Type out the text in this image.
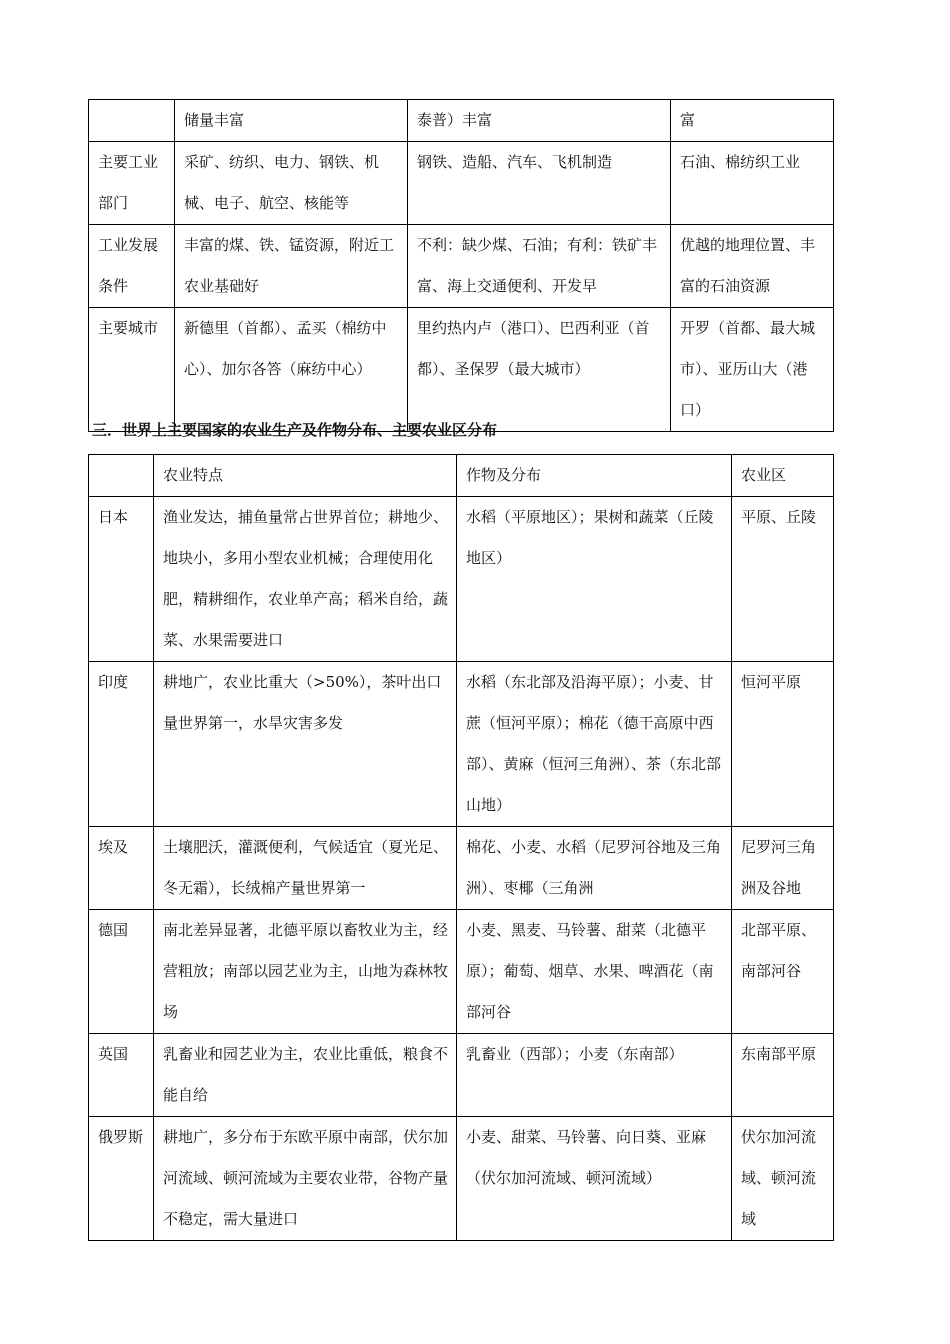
	储量丰富	泰普）丰富	富
主要工业部门	采矿、纺织、电力、钢铁、机械、电子、航空、核能等	钢铁、造船、汽车、飞机制造	石油、棉纺织工业
工业发展条件	丰富的煤、铁、锰资源，附近工农业基础好	不利：缺少煤、石油；有利：铁矿丰富、海上交通便利、开发早	优越的地理位置、丰富的石油资源
主要城市	新德里（首都）、孟买（棉纺中心）、加尔各答（麻纺中心）	里约热内卢（港口）、巴西利亚（首都）、圣保罗（最大城市）	开罗（首都、最大城市）、亚历山大（港口）
三．世界上主要国家的农业生产及作物分布、主要农业区分布
	农业特点	作物及分布	农业区
日本	渔业发达，捕鱼量常占世界首位；耕地少、地块小，多用小型农业机械；合理使用化肥，精耕细作，农业单产高；稻米自给，蔬菜、水果需要进口	水稻（平原地区）；果树和蔬菜（丘陵地区）	平原、丘陵
印度	耕地广，农业比重大（>50%），茶叶出口量世界第一，水旱灾害多发	水稻（东北部及沿海平原）；小麦、甘蔗（恒河平原）；棉花（德干高原中西部）、黄麻（恒河三角洲）、茶（东北部山地）	恒河平原
埃及	土壤肥沃，灌溉便利，气候适宜（夏光足、冬无霜），长绒棉产量世界第一	棉花、小麦、水稻（尼罗河谷地及三角洲）、枣椰（三角洲	尼罗河三角洲及谷地
德国	南北差异显著，北德平原以畜牧业为主，经营粗放；南部以园艺业为主，山地为森林牧场	小麦、黑麦、马铃薯、甜菜（北德平原）；葡萄、烟草、水果、啤酒花（南部河谷	北部平原、南部河谷
英国	乳畜业和园艺业为主，农业比重低，粮食不能自给	乳畜业（西部）；小麦（东南部）	东南部平原
俄罗斯	耕地广，多分布于东欧平原中南部，伏尔加河流域、顿河流域为主要农业带，谷物产量不稳定，需大量进口	小麦、甜菜、马铃薯、向日葵、亚麻（伏尔加河流域、顿河流域）	伏尔加河流域、顿河流域
